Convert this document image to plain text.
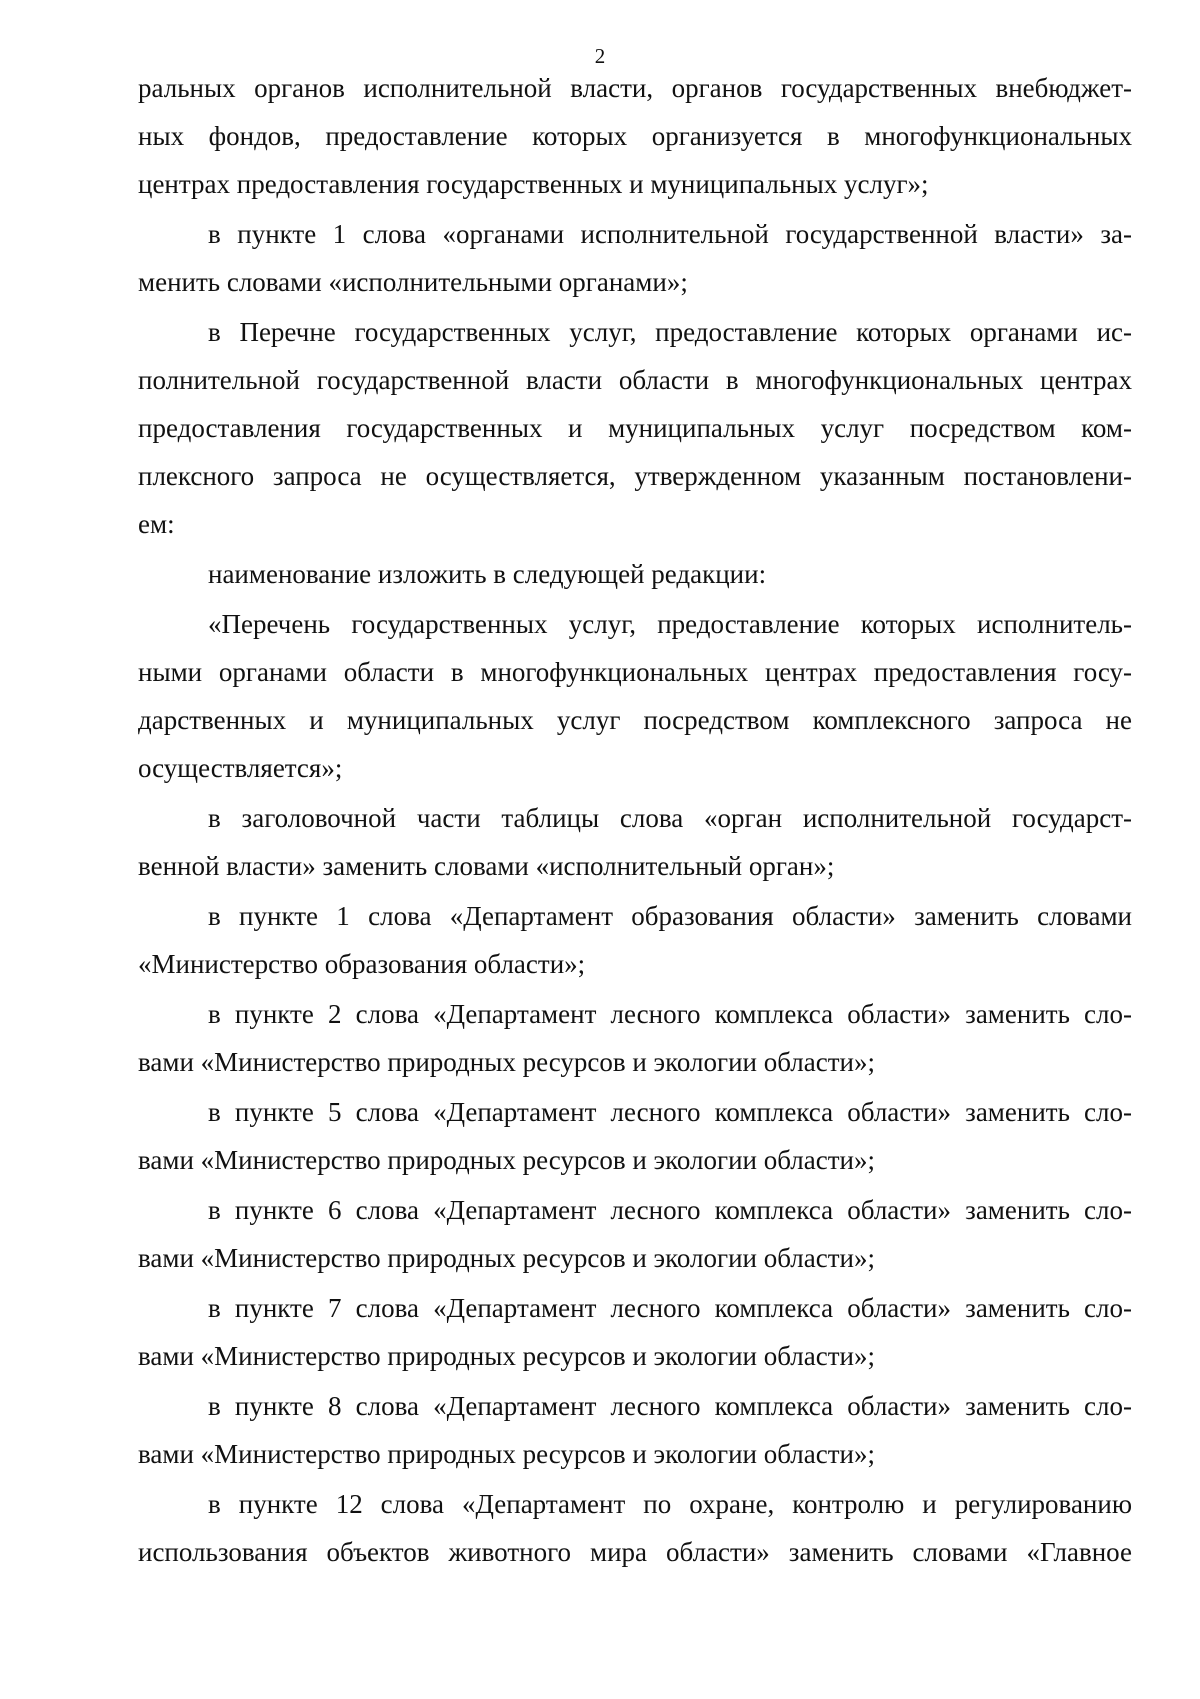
2
ральных органов исполнительной власти, органов государственных внебюджет-
ных фондов, предоставление которых организуется в многофункциональных
центрах предоставления государственных и муниципальных услуг»;
в пункте 1 слова «органами исполнительной государственной власти» за-
менить словами «исполнительными органами»;
в Перечне государственных услуг, предоставление которых органами ис-
полнительной государственной власти области в многофункциональных центрах
предоставления государственных и муниципальных услуг посредством ком-
плексного запроса не осуществляется, утвержденном указанным постановлени-
ем:
наименование изложить в следующей редакции:
«Перечень государственных услуг, предоставление которых исполнитель-
ными органами области в многофункциональных центрах предоставления госу-
дарственных и муниципальных услуг посредством комплексного запроса не
осуществляется»;
в заголовочной части таблицы слова «орган исполнительной государст-
венной власти» заменить словами «исполнительный орган»;
в пункте 1 слова «Департамент образования области» заменить словами
«Министерство образования области»;
в пункте 2 слова «Департамент лесного комплекса области» заменить сло-
вами «Министерство природных ресурсов и экологии области»;
в пункте 5 слова «Департамент лесного комплекса области» заменить сло-
вами «Министерство природных ресурсов и экологии области»;
в пункте 6 слова «Департамент лесного комплекса области» заменить сло-
вами «Министерство природных ресурсов и экологии области»;
в пункте 7 слова «Департамент лесного комплекса области» заменить сло-
вами «Министерство природных ресурсов и экологии области»;
в пункте 8 слова «Департамент лесного комплекса области» заменить сло-
вами «Министерство природных ресурсов и экологии области»;
в пункте 12 слова «Департамент по охране, контролю и регулированию
использования объектов животного мира области» заменить словами «Главное
